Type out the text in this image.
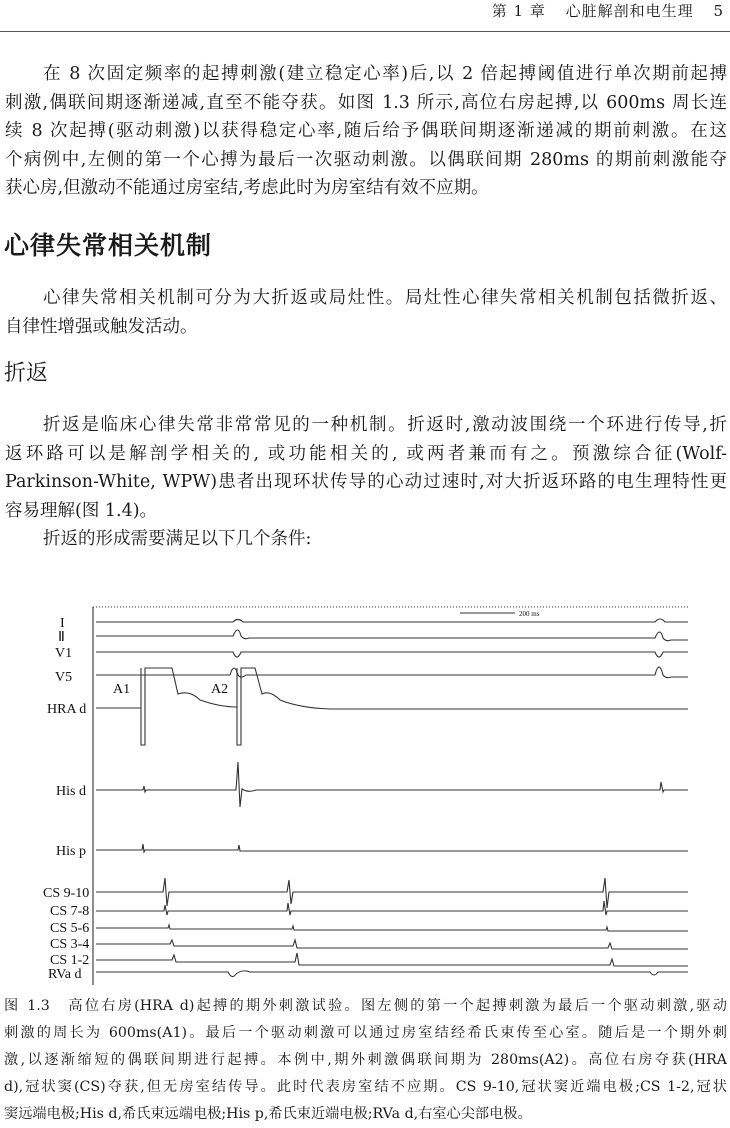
第 1 章 心脏解剖和电生理 5
在 8 次固定频率的起搏刺激(建立稳定心率)后,以 2 倍起搏阈值进行单次期前起搏
刺激,偶联间期逐渐递减,直至不能夺获。如图 1.3 所示,高位右房起搏,以 600ms 周长连
续 8 次起搏(驱动刺激)以获得稳定心率,随后给予偶联间期逐渐递减的期前刺激。在这
个病例中,左侧的第一个心搏为最后一次驱动刺激。以偶联间期 280ms 的期前刺激能夺
获心房,但激动不能通过房室结,考虑此时为房室结有效不应期。
心律失常相关机制
心律失常相关机制可分为大折返或局灶性。局灶性心律失常相关机制包括微折返、
自律性增强或触发活动。
折返
折返是临床心律失常非常常见的一种机制。折返时,激动波围绕一个环进行传导,折
返环路可以是解剖学相关的, 或功能相关的, 或两者兼而有之。预激综合征(Wolf-
Parkinson-White, WPW)患者出现环状传导的心动过速时,对大折返环路的电生理特性更
容易理解(图 1.4)。
折返的形成需要满足以下几个条件:
200 ms
I
Ⅱ
V1
V5
HRA d
His d
His p
CS 9-10
CS 7-8
CS 5-6
CS 3-4
CS 1-2
RVa d
A1	A2
图 1.3　高位右房(HRA d)起搏的期外刺激试验。图左侧的第一个起搏刺激为最后一个驱动刺激,驱动
刺激的周长为 600ms(A1)。最后一个驱动刺激可以通过房室结经希氏束传至心室。随后是一个期外刺
激,以逐渐缩短的偶联间期进行起搏。本例中,期外刺激偶联间期为 280ms(A2)。高位右房夺获(HRA
d),冠状窦(CS)夺获,但无房室结传导。此时代表房室结不应期。CS 9-10,冠状窦近端电极;CS 1-2,冠状
窦远端电极;His d,希氏束远端电极;His p,希氏束近端电极;RVa d,右室心尖部电极。
